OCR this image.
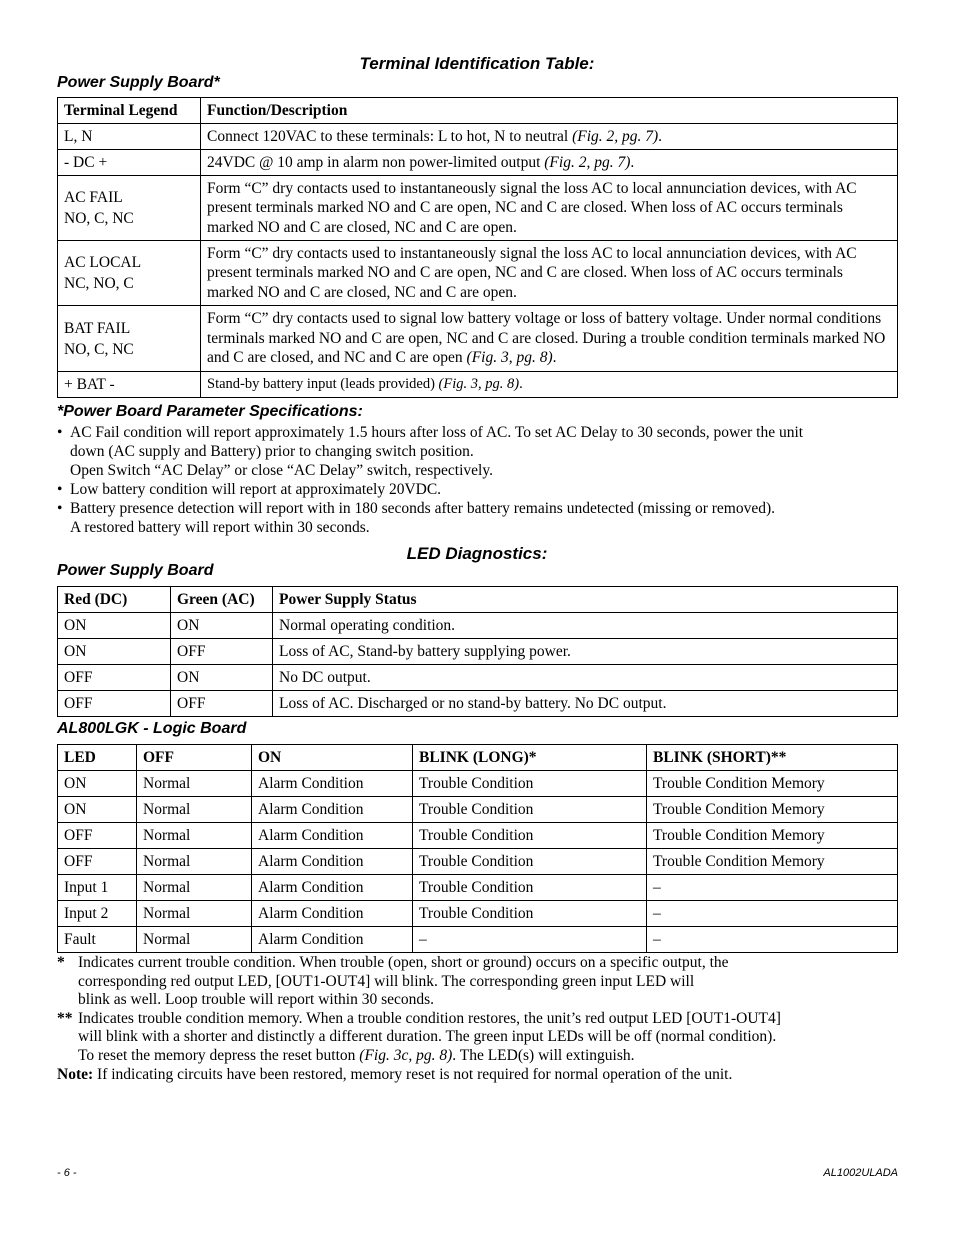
Terminal Identification Table:
Power Supply Board*
Terminal Legend	Function/Description
L, N	Connect 120VAC to these terminals: L to hot, N to neutral (Fig. 2, pg. 7).
- DC +	24VDC @ 10 amp in alarm non power-limited output (Fig. 2, pg. 7).

AC FAIL
NO, C, NC	Form “C” dry contacts used to instantaneously signal the loss AC to local annunciation devices, with AC present terminals marked NO and C are open, NC and C are closed. When loss of AC occurs terminals marked NO and C are closed, NC and C are open.

AC LOCAL
NC, NO, C	Form “C” dry contacts used to instantaneously signal the loss AC to local annunciation devices, with AC present terminals marked NO and C are open, NC and C are closed. When loss of AC occurs terminals marked NO and C are closed, NC and C are open.

BAT FAIL
NO, C, NC	Form “C” dry contacts used to signal low battery voltage or loss of battery voltage. Under normal conditions terminals marked NO and C are open, NC and C are closed. During a trouble condition terminals marked NO and C are closed, and NC and C are open (Fig. 3, pg. 8).
+ BAT -	Stand-by battery input (leads provided) (Fig. 3, pg. 8).
*Power Board Parameter Specifications:
• AC Fail condition will report approximately 1.5 hours after loss of AC. To set AC Delay to 30 seconds, power the unit
down (AC supply and Battery) prior to changing switch position.
Open Switch “AC Delay” or close “AC Delay” switch, respectively.
• Low battery condition will report at approximately 20VDC.
• Battery presence detection will report with in 180 seconds after battery remains undetected (missing or removed).
A restored battery will report within 30 seconds.
LED Diagnostics:
Power Supply Board
Red (DC)	Green (AC)	Power Supply Status
ON	ON	Normal operating condition.
ON	OFF	Loss of AC, Stand-by battery supplying power.
OFF	ON	No DC output.
OFF	OFF	Loss of AC. Discharged or no stand-by battery. No DC output.
AL800LGK - Logic Board
LED	OFF	ON	BLINK (LONG)*	BLINK (SHORT)**
ON	Normal	Alarm Condition	Trouble Condition	Trouble Condition Memory
ON	Normal	Alarm Condition	Trouble Condition	Trouble Condition Memory
OFF	Normal	Alarm Condition	Trouble Condition	Trouble Condition Memory
OFF	Normal	Alarm Condition	Trouble Condition	Trouble Condition Memory
Input 1	Normal	Alarm Condition	Trouble Condition	–
Input 2	Normal	Alarm Condition	Trouble Condition	–
Fault	Normal	Alarm Condition	–	–
* Indicates current trouble condition. When trouble (open, short or ground) occurs on a specific output, the
corresponding red output LED, [OUT1-OUT4] will blink. The corresponding green input LED will
blink as well. Loop trouble will report within 30 seconds.
** Indicates trouble condition memory. When a trouble condition restores, the unit’s red output LED [OUT1-OUT4]
will blink with a shorter and distinctly a different duration. The green input LEDs will be off (normal condition).
To reset the memory depress the reset button (Fig. 3c, pg. 8). The LED(s) will extinguish.
Note: If indicating circuits have been restored, memory reset is not required for normal operation of the unit.
- 6 -	AL1002ULADA
